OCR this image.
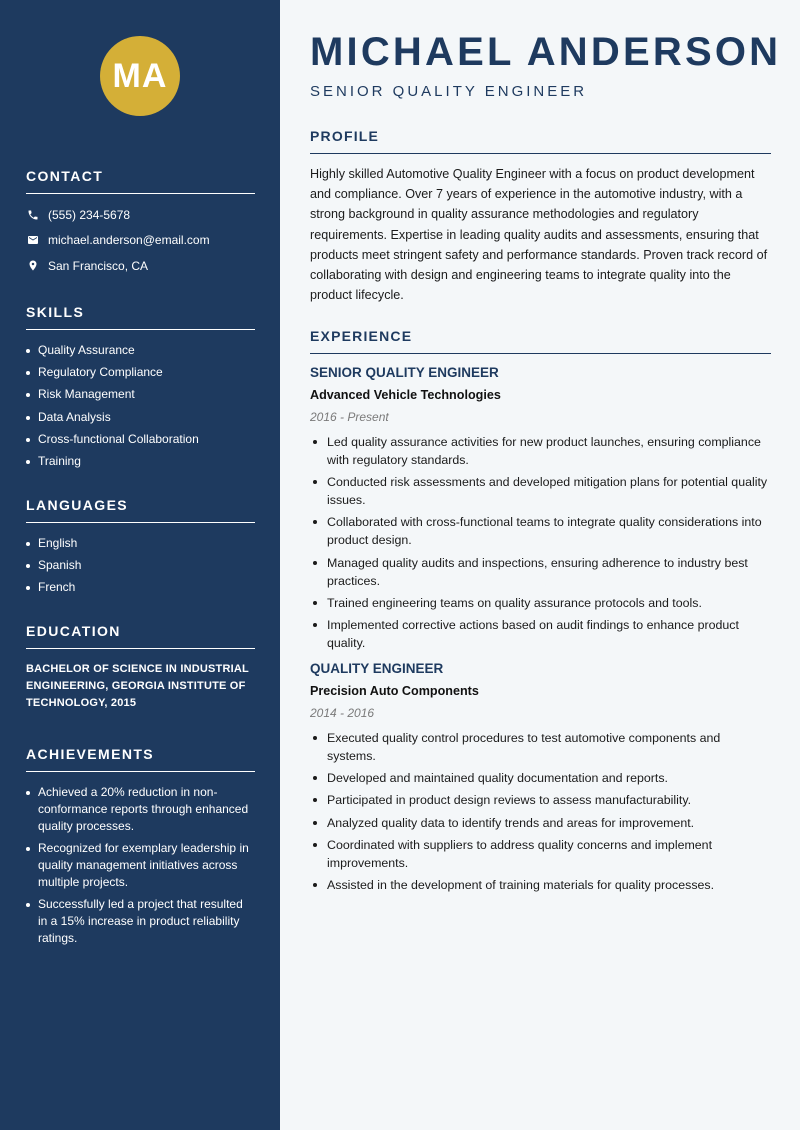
MA
CONTACT
(555) 234-5678
michael.anderson@email.com
San Francisco, CA
SKILLS
Quality Assurance
Regulatory Compliance
Risk Management
Data Analysis
Cross-functional Collaboration
Training
LANGUAGES
English
Spanish
French
EDUCATION

BACHELOR OF SCIENCE IN INDUSTRIAL ENGINEERING, GEORGIA INSTITUTE OF TECHNOLOGY, 2015

ACHIEVEMENTS
Achieved a 20% reduction in non-conformance reports through enhanced quality processes.
Recognized for exemplary leadership in quality management initiatives across multiple projects.
Successfully led a project that resulted in a 15% increase in product reliability ratings.
MICHAEL ANDERSON
SENIOR QUALITY ENGINEER
PROFILE

Highly skilled Automotive Quality Engineer with a focus on product development and compliance. Over 7 years of experience in the automotive industry, with a strong background in quality assurance methodologies and regulatory requirements. Expertise in leading quality audits and assessments, ensuring that products meet stringent safety and performance standards. Proven track record of collaborating with design and engineering teams to integrate quality into the product lifecycle.

EXPERIENCE
SENIOR QUALITY ENGINEER
Advanced Vehicle Technologies
2016 - Present
Led quality assurance activities for new product launches, ensuring compliance with regulatory standards.
Conducted risk assessments and developed mitigation plans for potential quality issues.
Collaborated with cross-functional teams to integrate quality considerations into product design.
Managed quality audits and inspections, ensuring adherence to industry best practices.
Trained engineering teams on quality assurance protocols and tools.
Implemented corrective actions based on audit findings to enhance product quality.
QUALITY ENGINEER
Precision Auto Components
2014 - 2016
Executed quality control procedures to test automotive components and systems.
Developed and maintained quality documentation and reports.
Participated in product design reviews to assess manufacturability.
Analyzed quality data to identify trends and areas for improvement.
Coordinated with suppliers to address quality concerns and implement improvements.
Assisted in the development of training materials for quality processes.
